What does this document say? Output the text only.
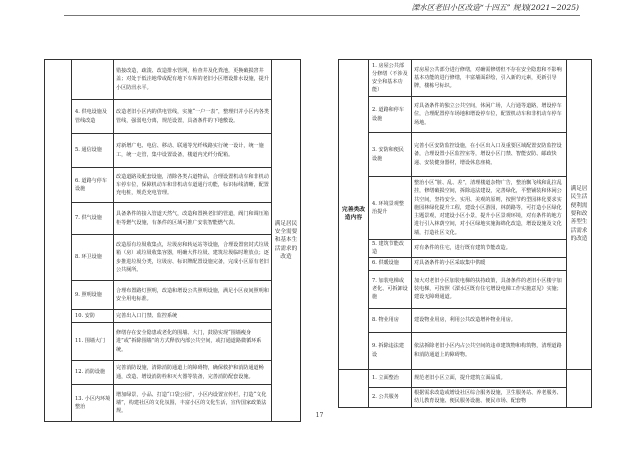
溧水区老旧小区改造“十四五” 规划(2021~2025)
		错接改造，疏浚、改造排水管网，检查井及化粪池，更换破损窨井盖；对处于低洼地带或配有地下车库的老旧小区增设排水设施，提升小区防汛水平。	满足居民安全需要和基本生活需求的改造
	4. 供电设施及管线改造	改造老旧小区内的供电管线，实施“一户一表”，整理归并小区内各类管线，强弱电分离，规范设置，具备条件的下地敷设。	
	5. 通信设施	对新增广电、电信、移动、联通等光纤线路实行统一设计，统一施工，统一走管，集中设置设备，楼道内光纤分配箱。	
	6. 道路与停车设施	改造道路及配套设施，清除各类占道物品，合理设置机动车和非机动车停车位，保障机动车和非机动车道通行功能，标识标线清晰，配置充电桩，规范充电管理。	
	7. 供气设施	具备条件的接入管道天然气，改造和置换老旧的管道，阀门和调压箱柜等燃气设施，有条件的区域可推广安装智能燃气表。	
	8. 环卫设施	改造原有垃圾收集点，垃圾房和转运站等设施，合理设置密封式垃圾箱（房）或垃圾收集容器，明确大件垃圾、建筑垃圾临时堆放点；逐步推进垃圾分类，垃圾房、标识牌配置设施完备，完成小区原有老旧公共厕所。	
	9. 照明设施	合理布置路灯照明，改造和增设公共照明设施，满足小区夜间照明和安全用电标准。	
	10. 安防	完善出入口门禁、监控系统	
	11. 围墙大门	修缮存在安全隐患或老化的围墙、大门，鼓励实现“围墙瘦身进”或“拆除围墙”的方式释放内部公共空间，或打通道路微循环系统。	
	12. 消防设施	完善消防设施，清除消防通道上的障碍物，确保救护和消防通道畅通，改造、增设消防栓和灭火器等装备，完善消防配套设施。	
	13. 小区内环境整治	增加绿景，小品、打造“口袋公园”，小区内设置宣传栏，打造“文化墙”，构建社区的文化氛围，丰富小区的文化生活，宣传国家政策法规。	
完善类改造内容	1. 房屋公共部分修缮（不涉及安全和基本功能）	对房屋公共部分进行修缮，对确需修缮但不存在安全隐患和不影响基本功能的进行修缮，丰富墙面彩绘，引入新的元素，更新引导牌，楼栋号标识。	满足居民生活便利需要和改善型生活需求的改造
	2. 道路和停车设施	对具备条件的独立公共空间，休闲广场，人行通等道路，增设停车位，合理配置停车场地和增设停车位，配置机动车和非机动车停车场地。	
	3. 安防和便民设施	完善小区安防监控设施，在小区出入口及重要区域配置安防监控设备，合理设置小区监控室等，增设小区门禁、智能安防、邮政快递、安装健身器材，增设休息座椅。	
	4. 环境景观整治提升	整治小区“脏、乱、差”，清理楼道杂物广告，整治飘飞线和乱拉乱挂，修缮破损空间，拆除违法建设，完善绿化，平整铺装和休闲公共空间，坚持安全、实用、美观的原则，按照节约型园林化要求实施园林绿化提升工程，建设小区游园，林荫路等，可打造小区绿化主题景观，对建设小区小景，提升小区景观环境，对有条件的地方进行引入林荫空间，对小区绿地实施海绵化改造，增设设施及文化墙，打造社区文化。	
	5. 建筑节能改造	对有条件的住宅，进行既有建筑节能改造。	
	6. 供暖设施	对具备条件的小区采取集中供暖	
	7. 加装电梯或老化、可拆卸设施	加大对老旧小区加装电梯的扶持政策，具备条件的老旧小区楼宇加装电梯，可按照《溧水区既有住宅增设电梯工作实施意见》实施；建设无障碍通道。	
	8. 物业用房	建设物业用房，利用公共改造增补物业用房。	
	9. 拆除违法建设	依法拆除老旧小区内占公共空间的违章建筑物和构筑物，清理道路和消防通道上的障碍物。	
	1. 立面整治	规范老旧小区立面，提升建筑立面品质。	
	2. 公共服务	根据需求改造或增设社区综合服务设施，卫生服务站、养老服务、幼儿教育设施、便民服务设施、便民市场、配套物	
17
